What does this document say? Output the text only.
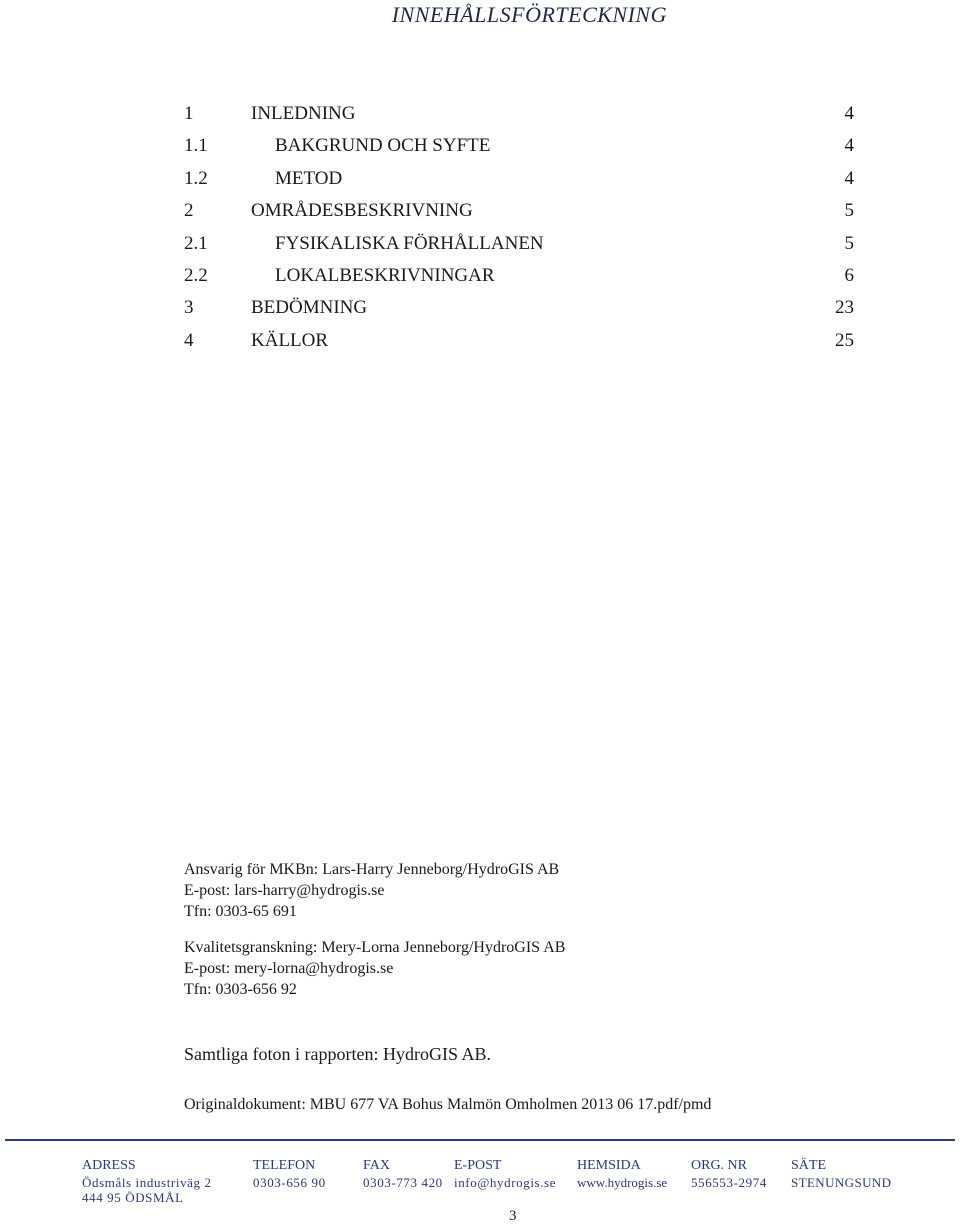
INNEHÅLLSFÖRTECKNING
1	INLEDNING	4
1.1	BAKGRUND OCH SYFTE	4
1.2	METOD	4
2	OMRÅDESBESKRIVNING	5
2.1	FYSIKALISKA FÖRHÅLLANEN	5
2.2	LOKALBESKRIVNINGAR	6
3	BEDÖMNING	23
4	KÄLLOR	25
Ansvarig för MKBn: Lars-Harry Jenneborg/HydroGIS AB
E-post: lars-harry@hydrogis.se
Tfn: 0303-65 691
Kvalitetsgranskning: Mery-Lorna Jenneborg/HydroGIS AB
E-post: mery-lorna@hydrogis.se
Tfn: 0303-656 92
Samtliga foton i rapporten: HydroGIS AB.
Originaldokument: MBU 677 VA Bohus Malmön Omholmen 2013 06 17.pdf/pmd
ADRESS
Ödsmåls industriväg 2
444 95 ÖDSMÅL
TELEFON
0303-656 90
FAX
0303-773 420
E-POST
info@hydrogis.se
HEMSIDA
www.hydrogis.se
ORG. NR
556553-2974
SÄTE
STENUNGSUND
3
